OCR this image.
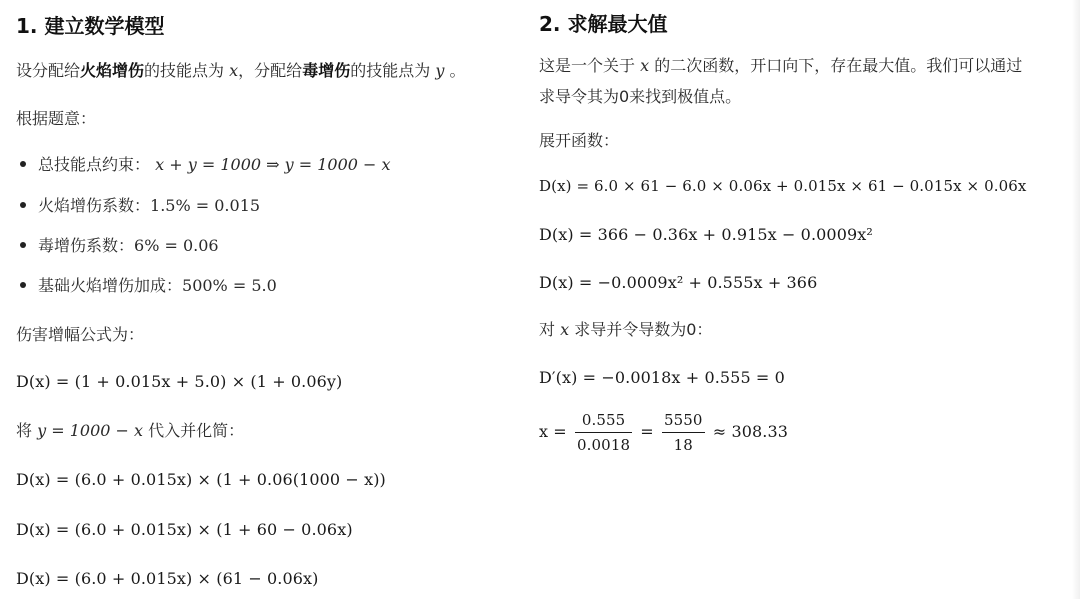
1. 建立数学模型
设分配给火焰增伤的技能点为 x，分配给毒增伤的技能点为 y 。
根据题意：
总技能点约束： x + y = 1000 ⇒ y = 1000 − x
火焰增伤系数：1.5% = 0.015
毒增伤系数：6% = 0.06
基础火焰增伤加成：500% = 5.0
伤害增幅公式为：
D(x) = (1 + 0.015x + 5.0) × (1 + 0.06y)
将 y = 1000 − x 代入并化简：
D(x) = (6.0 + 0.015x) × (1 + 0.06(1000 − x))
D(x) = (6.0 + 0.015x) × (1 + 60 − 0.06x)
D(x) = (6.0 + 0.015x) × (61 − 0.06x)
2. 求解最大值
这是一个关于 x 的二次函数，开口向下，存在最大值。我们可以通过
求导令其为0来找到极值点。
展开函数：
D(x) = 6.0 × 61 − 6.0 × 0.06x + 0.015x × 61 − 0.015x × 0.06x
D(x) = 366 − 0.36x + 0.915x − 0.0009x²
D(x) = −0.0009x² + 0.555x + 366
对 x 求导并令导数为0：
D′(x) = −0.0018x + 0.555 = 0
$x = \frac{0.555}{0.0018} = \frac{5550}{18} \approx 308.33$
